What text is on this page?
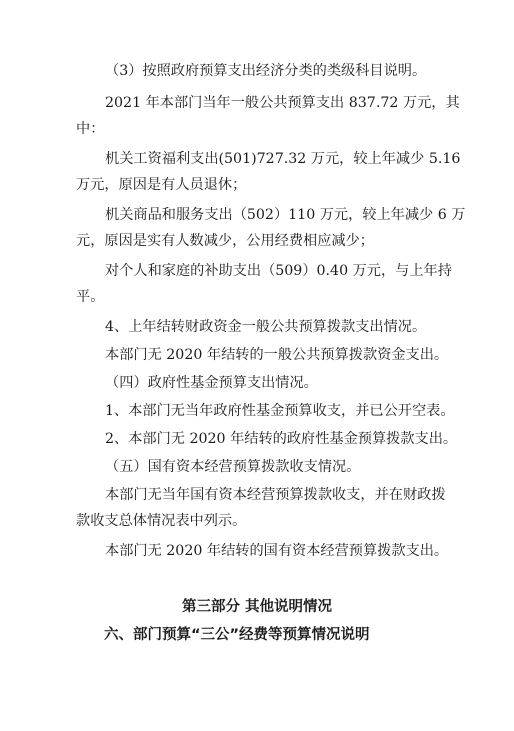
（3）按照政府预算支出经济分类的类级科目说明。
2021 年本部门当年一般公共预算支出 837.72 万元，其
中：
机关工资福利支出(501)727.32 万元，较上年减少 5.16
万元，原因是有人员退休；
机关商品和服务支出（502）110 万元，较上年减少 6 万
元，原因是实有人数减少，公用经费相应减少；
对个人和家庭的补助支出（509）0.40 万元，与上年持
平。
4、上年结转财政资金一般公共预算拨款支出情况。
本部门无 2020 年结转的一般公共预算拨款资金支出。
（四）政府性基金预算支出情况。
1、本部门无当年政府性基金预算收支，并已公开空表。
2、本部门无 2020 年结转的政府性基金预算拨款支出。
（五）国有资本经营预算拨款收支情况。
本部门无当年国有资本经营预算拨款收支，并在财政拨
款收支总体情况表中列示。
本部门无 2020 年结转的国有资本经营预算拨款支出。
第三部分 其他说明情况
六、部门预算“三公”经费等预算情况说明
